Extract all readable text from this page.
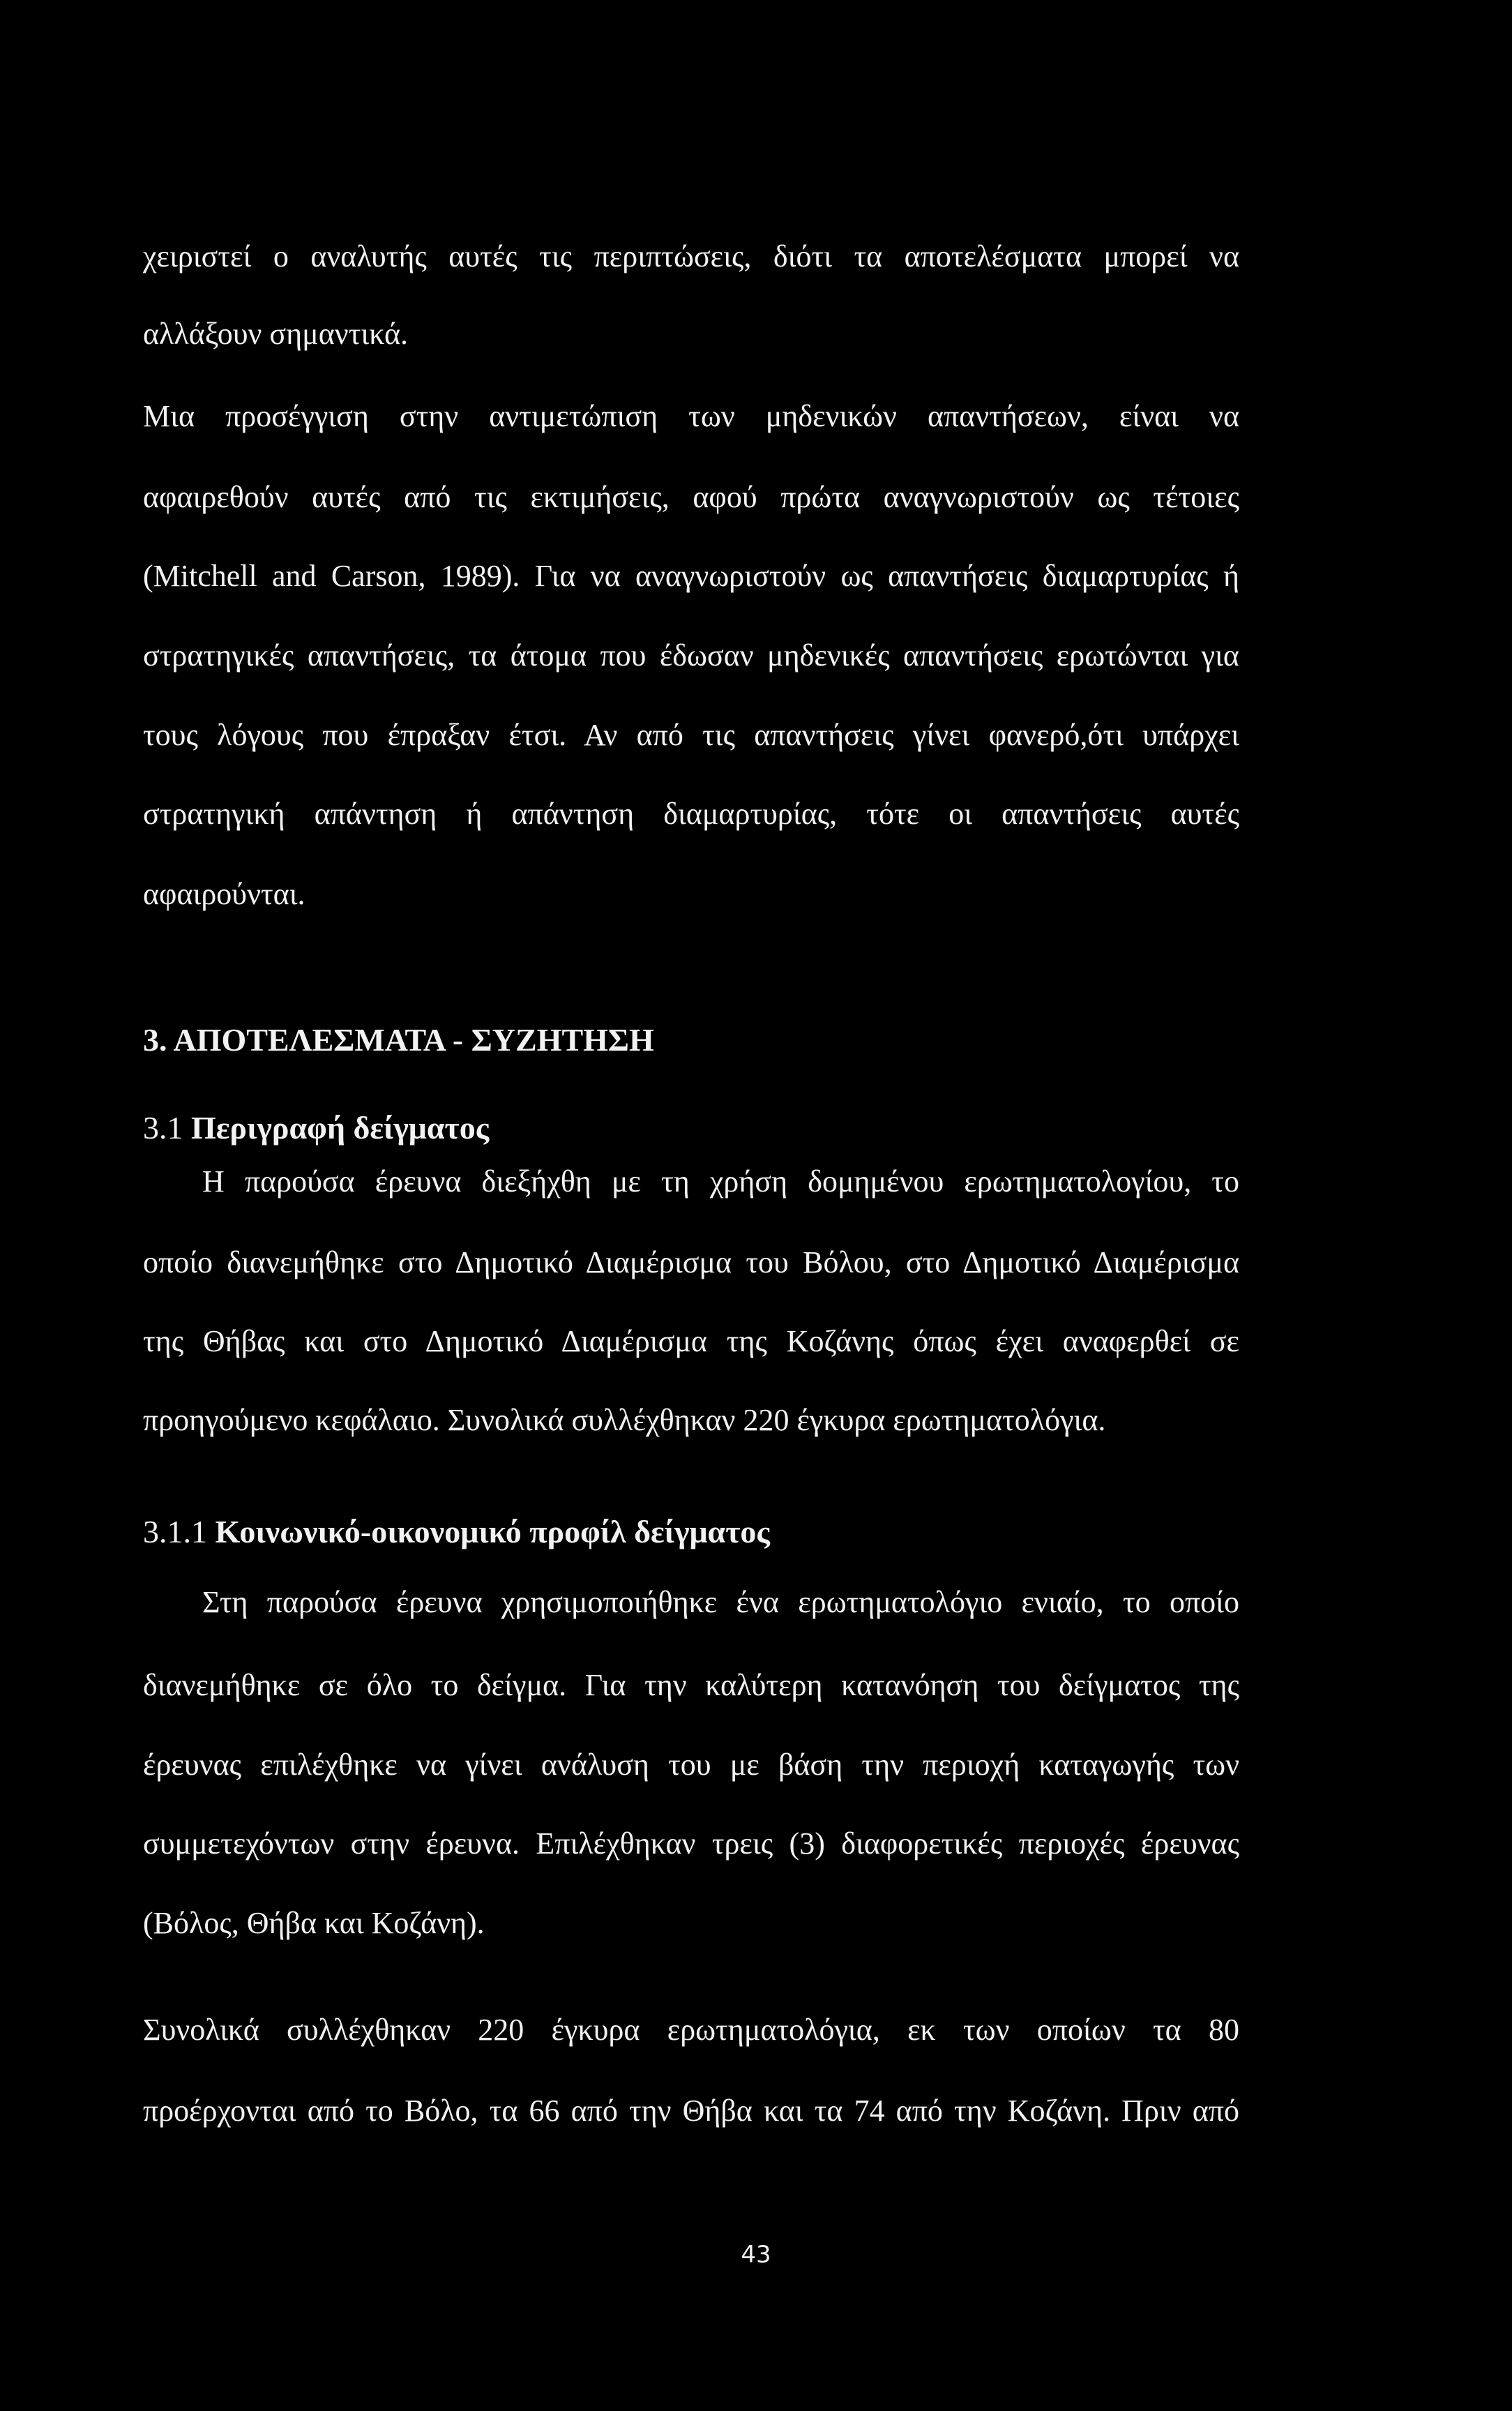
χειριστεί ο αναλυτής αυτές τις περιπτώσεις, διότι τα αποτελέσματα μπορεί να
αλλάξουν σημαντικά.
Μια προσέγγιση στην αντιμετώπιση των μηδενικών απαντήσεων, είναι να
αφαιρεθούν αυτές από τις εκτιμήσεις, αφού πρώτα αναγνωριστούν ως τέτοιες
(Mitchell and Carson, 1989). Για να αναγνωριστούν ως απαντήσεις διαμαρτυρίας ή
στρατηγικές απαντήσεις, τα άτομα που έδωσαν μηδενικές απαντήσεις ερωτώνται για
τους λόγους που έπραξαν έτσι. Αν από τις απαντήσεις γίνει φανερό,ότι υπάρχει
στρατηγική απάντηση ή απάντηση διαμαρτυρίας, τότε οι απαντήσεις αυτές
αφαιρούνται.
3. ΑΠΟΤΕΛΕΣΜΑΤΑ - ΣΥΖΗΤΗΣΗ
3.1 Περιγραφή δείγματος
Η παρούσα έρευνα διεξήχθη με τη χρήση δομημένου ερωτηματολογίου, το
οποίο διανεμήθηκε στο Δημοτικό Διαμέρισμα του Βόλου, στο Δημοτικό Διαμέρισμα
της Θήβας και στο Δημοτικό Διαμέρισμα της Κοζάνης όπως έχει αναφερθεί σε
προηγούμενο κεφάλαιο. Συνολικά συλλέχθηκαν 220 έγκυρα ερωτηματολόγια.
3.1.1 Κοινωνικό-οικονομικό προφίλ δείγματος
Στη παρούσα έρευνα χρησιμοποιήθηκε ένα ερωτηματολόγιο ενιαίο, το οποίο
διανεμήθηκε σε όλο το δείγμα. Για την καλύτερη κατανόηση του δείγματος της
έρευνας επιλέχθηκε να γίνει ανάλυση του με βάση την περιοχή καταγωγής των
συμμετεχόντων στην έρευνα. Επιλέχθηκαν τρεις (3) διαφορετικές περιοχές έρευνας
(Βόλος, Θήβα και Κοζάνη).
Συνολικά συλλέχθηκαν 220 έγκυρα ερωτηματολόγια, εκ των οποίων τα 80
προέρχονται από το Βόλο, τα 66 από την Θήβα και τα 74 από την Κοζάνη. Πριν από
43
